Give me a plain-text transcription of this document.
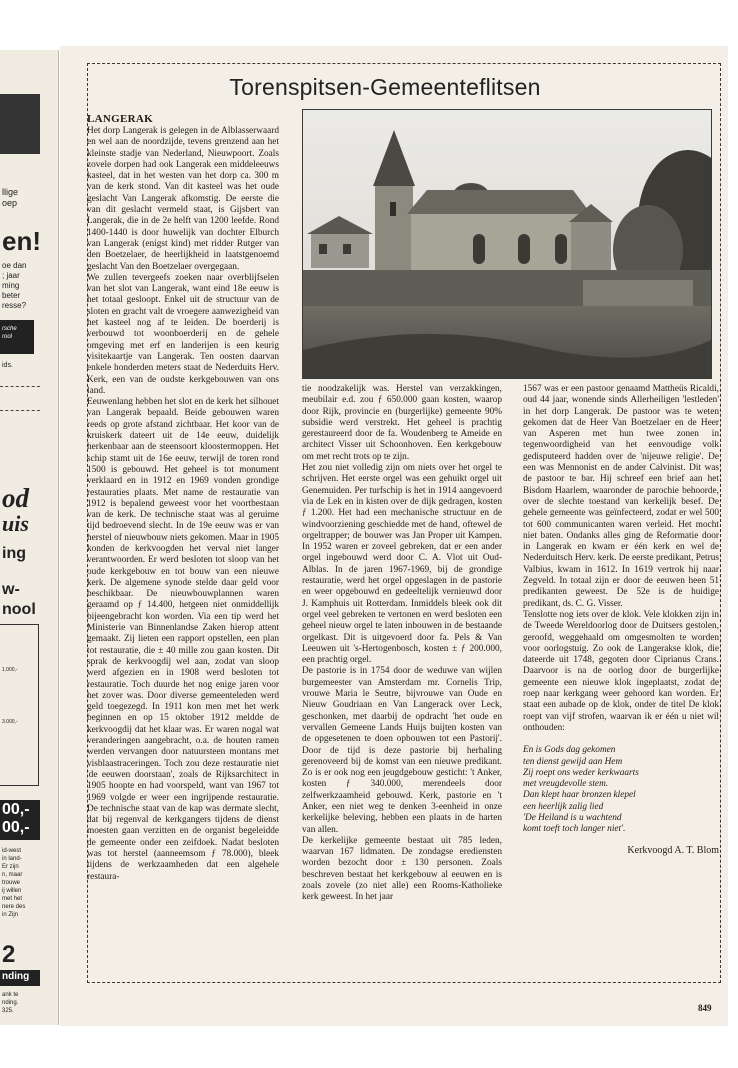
llige
oep
en!
oe dan
; jaar
ming
beter
resse?
rsche
rool
ids.
od
uis
ing
w-
nool
1.000,-
3.000,-
00,-
00,-
id-west
in land-
Er zijn
n, maar
trouwe
ij willen
met het
nere des
in Zijn
2
nding
ank te
nding.
325.
Torenspitsen-Gemeenteflitsen
LANGERAK

Het dorp Langerak is gelegen in de Alblasserwaard en wel aan de noordzijde, tevens grenzend aan het kleinste stadje van Nederland, Nieuwpoort. Zoals zovele dorpen had ook Langerak een middeleeuws kasteel, dat in het westen van het dorp ca. 300 m van de kerk stond. Van dit kasteel was het oude geslacht Van Langerak afkomstig. De eerste die van dit geslacht vermeld staat, is Gijsbert van Langerak, die in de 2e helft van 1200 leefde. Rond 1400-1440 is door huwelijk van dochter Elburch van Langerak (enigst kind) met ridder Rutger van den Boetzelaer, de heerlijkheid in laatstgenoemd geslacht Van den Boetzelaer overgegaan.

We zullen tevergeefs zoeken naar overblijfselen van het slot van Langerak, want eind 18e eeuw is het totaal gesloopt. Enkel uit de structuur van de sloten en gracht valt de vroegere aanwezigheid van het kasteel nog af te leiden. De boerderij is verbouwd tot woonboerderij en de gehele omgeving met erf en landerijen is een keurig visitekaartje van Langerak. Ten oosten daarvan enkele honderden meters staat de Nederduits Herv. Kerk, een van de oudste kerkgebouwen van ons land.

Eeuwenlang hebben het slot en de kerk het silhouet van Langerak bepaald. Beide gebouwen waren reeds op grote afstand zichtbaar. Het koor van de kruiskerk dateert uit de 14e eeuw, duidelijk herkenbaar aan de steensoort kloostermoppen. Het schip stamt uit de 16e eeuw, terwijl de toren rond 1500 is gebouwd. Het geheel is tot monument verklaard en in 1912 en 1969 vonden grondige restauraties plaats. Met name de restauratie van 1912 is bepalend geweest voor het voortbestaan van de kerk. De technische staat was al geruime tijd bedroevend slecht. In de 19e eeuw was er van herstel of nieuwbouw niets gekomen. Maar in 1905 konden de kerkvoogden het verval niet langer verantwoorden. Er werd besloten tot sloop van het oude kerkgebouw en tot bouw van een nieuwe kerk. De algemene synode stelde daar geld voor beschikbaar. De nieuwbouwplannen waren geraamd op ƒ 14.400, hetgeen niet onmiddellijk bijeengebracht kon worden. Via een tip werd het Ministerie van Binnenlandse Zaken hierop attent gemaakt. Zij lieten een rapport opstellen, een plan tot restauratie, die ± 40 mille zou gaan kosten. Dit sprak de kerkvoogdij wel aan, zodat van sloop werd afgezien en in 1908 werd besloten tot restauratie. Toch duurde het nog enige jaren voor het zover was. Door diverse gemeenteleden werd geld toegezegd. In 1911 kon men met het werk beginnen en op 15 oktober 1912 meldde de kerkvoogdij dat het klaar was. Er waren nogal wat veranderingen aangebracht, o.a. de houten ramen werden vervangen door natuursteen montans met visblaastraceringen. Toch zou deze restauratie niet 'de eeuwen doorstaan', zoals de Rijksarchitect in 1905 hoopte en had voorspeld, want van 1967 tot 1969 volgde er weer een ingrijpende restauratie. De technische staat van de kap was dermate slecht, dat bij regenval de kerkgangers tijdens de dienst moesten gaan verzitten en de organist begeleidde de gemeente onder een zeifdoek. Nadat besloten was tot herstel (aanneemsom ƒ 78.000), bleek tijdens de werkzaamheden dat een algehele restaura-

tie noodzakelijk was. Herstel van verzakkingen, meubilair e.d. zou ƒ 650.000 gaan kosten, waarop door Rijk, provincie en (burgerlijke) gemeente 90% subsidie werd verstrekt. Het geheel is prachtig gerestaureerd door de fa. Woudenberg te Ameide en architect Visser uit Schoonhoven. Een kerkgebouw om met recht trots op te zijn.

Het zou niet volledig zijn om niets over het orgel te schrijven. Het eerste orgel was een gehuikt orgel uit Genemuiden. Per turfschip is het in 1914 aangevoerd via de Lek en in kisten over de dijk gedragen, kosten ƒ 1.200. Het had een mechanische structuur en de windvoorziening geschiedde met de hand, oftewel de orgeltrapper; de bouwer was Jan Proper uit Kampen. In 1952 waren er zoveel gebreken, dat er een ander orgel ingebouwd werd door C. A. Vlot uit Oud-Alblas. In de jaren 1967-1969, bij de grondige restauratie, werd het orgel opgeslagen in de pastorie en weer opgebouwd en gedeeltelijk vernieuwd door J. Kamphuis uit Rotterdam. Inmiddels bleek ook dit orgel veel gebreken te vertonen en werd besloten een geheel nieuw orgel te laten inbouwen in de bestaande orgelkast. Dit is uitgevoerd door fa. Pels & Van Leeuwen uit 's-Hertogenbosch, kosten ± ƒ 200.000, een prachtig orgel.

De pastorie is in 1754 door de weduwe van wijlen burgemeester van Amsterdam mr. Cornelis Trip, vrouwe Maria le Seutre, bijvrouwe van Oude en Nieuw Goudriaan en Van Langerack over Leck, geschonken, met daarbij de opdracht 'het oude en vervallen Gemeene Lands Huijs buijten kosten van de opgesetenen te doen opbouwen tot een Pastorij'. Door de tijd is deze pastorie bij herhaling gerenoveerd bij de komst van een nieuwe predikant. Zo is er ook nog een jeugdgebouw gesticht: 't Anker, kosten ƒ 340.000, merendeels door zelfwerkzaamheid gebouwd. Kerk, pastorie en 't Anker, een niet weg te denken 3-eenheid in onze kerkelijke beleving, hebben een plaats in de harten van allen.

De kerkelijke gemeente bestaat uit 785 leden, waarvan 167 lidmaten. De zondagse erediensten worden bezocht door ± 130 personen. Zoals beschreven bestaat het kerkgebouw al eeuwen en is zoals zovele (zo niet alle) een Rooms-Katholieke kerk geweest. In het jaar

1567 was er een pastoor genaamd Mattheüs Ricaldi, oud 44 jaar, wonende sinds Allerheiligen 'lestleden' in het dorp Langerak. De pastoor was te weten gekomen dat de Heer Van Boetzelaer en de Heer van Asperen met hun twee zonen in tegenwoordigheid van het eenvoudige volk gedisputeerd hadden over de 'nijeuwe religie'. De een was Mennonist en de ander Calvinist. Dit was de pastoor te bar. Hij schreef een brief aan het Bisdom Haarlem, waaronder de parochie behoorde, over de slechte toestand van kerkelijk besef. De gehele gemeente was geïnfecteerd, zodat er wel 500 tot 600 communicanten waren verleid. Het mocht niet baten. Ondanks alles ging de Reformatie door in Langerak en kwam er één kerk en wel de Nederduitsch Herv. kerk. De eerste predikant, Petrus Valbius, kwam in 1612. In 1619 vertrok hij naar Zegveld. In totaal zijn er door de eeuwen heen 51 predikanten geweest. De 52e is de huidige predikant, ds. C. G. Visser.

Tenslotte nog iets over de klok. Vele klokken zijn in de Tweede Wereldoorlog door de Duitsers gestolen, geroofd, weggehaald om omgesmolten te worden voor oorlogstuig. Zo ook de Langerakse klok, die dateerde uit 1748, gegoten door Ciprianus Crans. Daarvoor is na de oorlog door de burgerlijke gemeente een nieuwe klok ingeplaatst, zodat de roep naar kerkgang weer gehoord kan worden. Er staat een aubade op de klok, onder de titel De klok roept van vijf strofen, waarvan ik er één u niet wil onthouden:

En is Gods dag gekomen
ten dienst gewijd aan Hem
Zij roept ons weder kerkwaarts
met vreugdevolle stem.
Dan klept haar bronzen klepel
een heerlijk zalig lied
'De Heiland is u wachtend
komt toeft toch langer niet'.
Kerkvoogd A. T. Blom
849
